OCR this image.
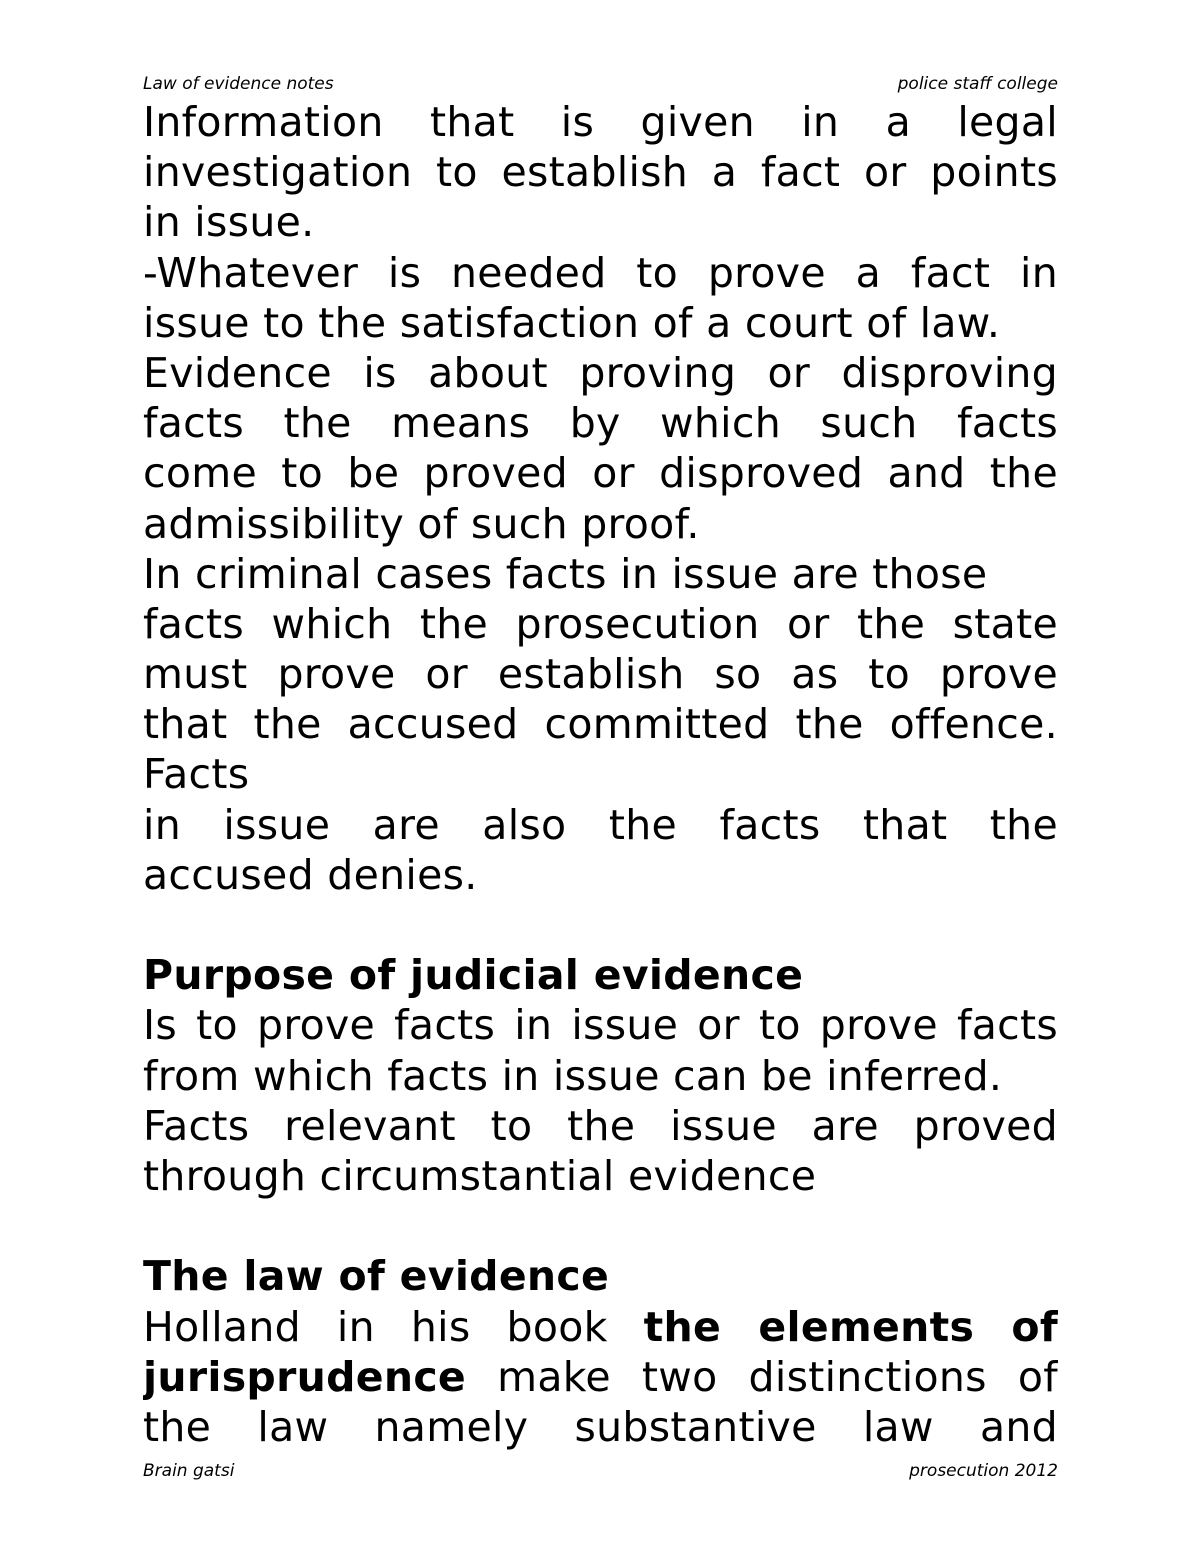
Law of evidence notes	police staff college
Information that is given in a legal
investigation to establish a fact or points
in issue.
-Whatever is needed to prove a fact in
issue to the satisfaction of a court of law.
Evidence is about proving or disproving
facts the means by which such facts
come to be proved or disproved and the
admissibility of such proof.
In criminal cases facts in issue are those
facts which the prosecution or the state
must prove or establish so as to prove
that the accused committed the offence.
Facts
in issue are also the facts that the
accused denies.
Purpose of judicial evidence
Is to prove facts in issue or to prove facts
from which facts in issue can be inferred.
Facts relevant to the issue are proved
through circumstantial evidence
The law of evidence
Holland in his book the elements of
jurisprudence make two distinctions of
the law namely substantive law and
Brain gatsi	prosecution 2012
